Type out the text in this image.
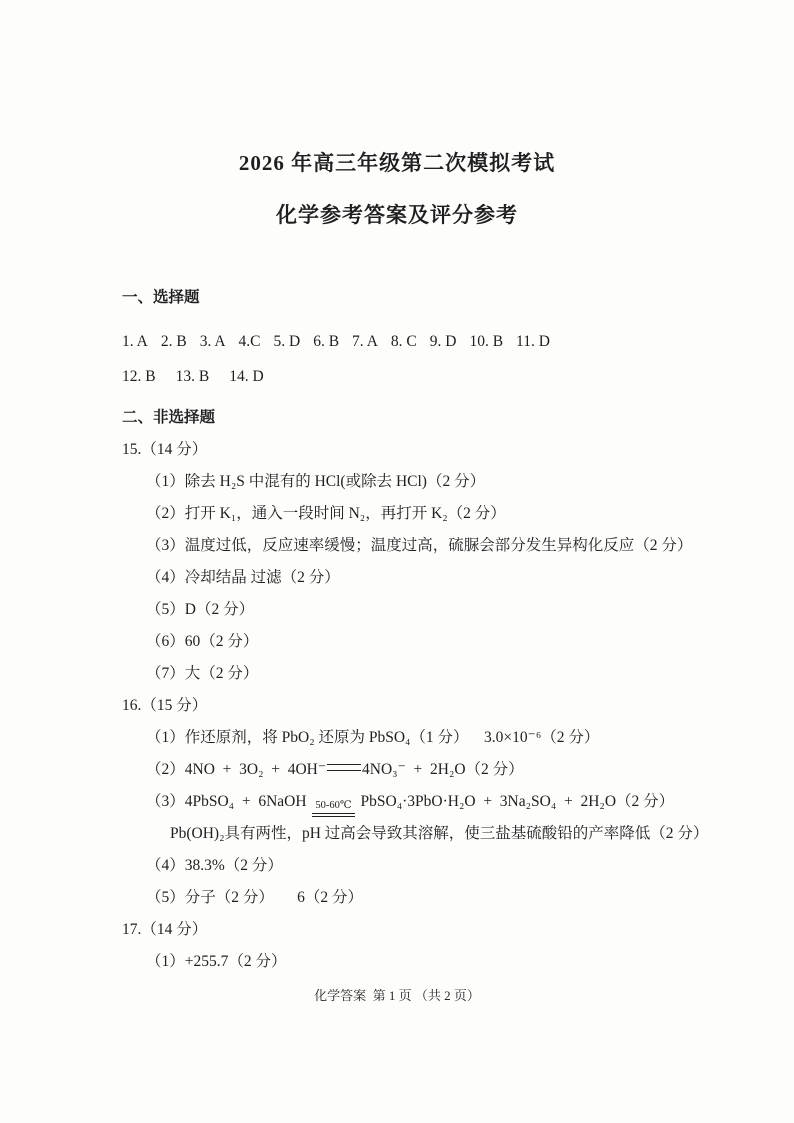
2026 年高三年级第二次模拟考试
化学参考答案及评分参考
一、选择题
1. A 2. B 3. A 4.C 5. D 6. B 7. A 8. C 9. D 10. B 11. D
12. B 13. B 14. D
二、非选择题
15.（14 分）
（1）除去 H₂S 中混有的 HCl(或除去 HCl)（2 分）
（2）打开 K₁，通入一段时间 N₂，再打开 K₂（2 分）
（3）温度过低，反应速率缓慢；温度过高，硫脲会部分发生异构化反应（2 分）
（4）冷却结晶 过滤（2 分）
（5）D（2 分）
（6）60（2 分）
（7）大（2 分）
16.（15 分）
（1）作还原剂，将 PbO₂ 还原为 PbSO₄（1 分）    3.0×10⁻⁶（2 分）
（2）4NO  +  3O₂  +  4OH⁻ 4NO₃⁻  +  2H₂O（2 分）
（3）4PbSO₄  +  6NaOH 50-60℃ PbSO₄·3PbO·H₂O  +  3Na₂SO₄  +  2H₂O（2 分）
Pb(OH)₂具有两性，pH 过高会导致其溶解，使三盐基硫酸铅的产率降低（2 分）
（4）38.3%（2 分）
（5）分子（2 分）      6（2 分）
17.（14 分）
（1）+255.7（2 分）
化学答案  第 1 页 （共 2 页）
